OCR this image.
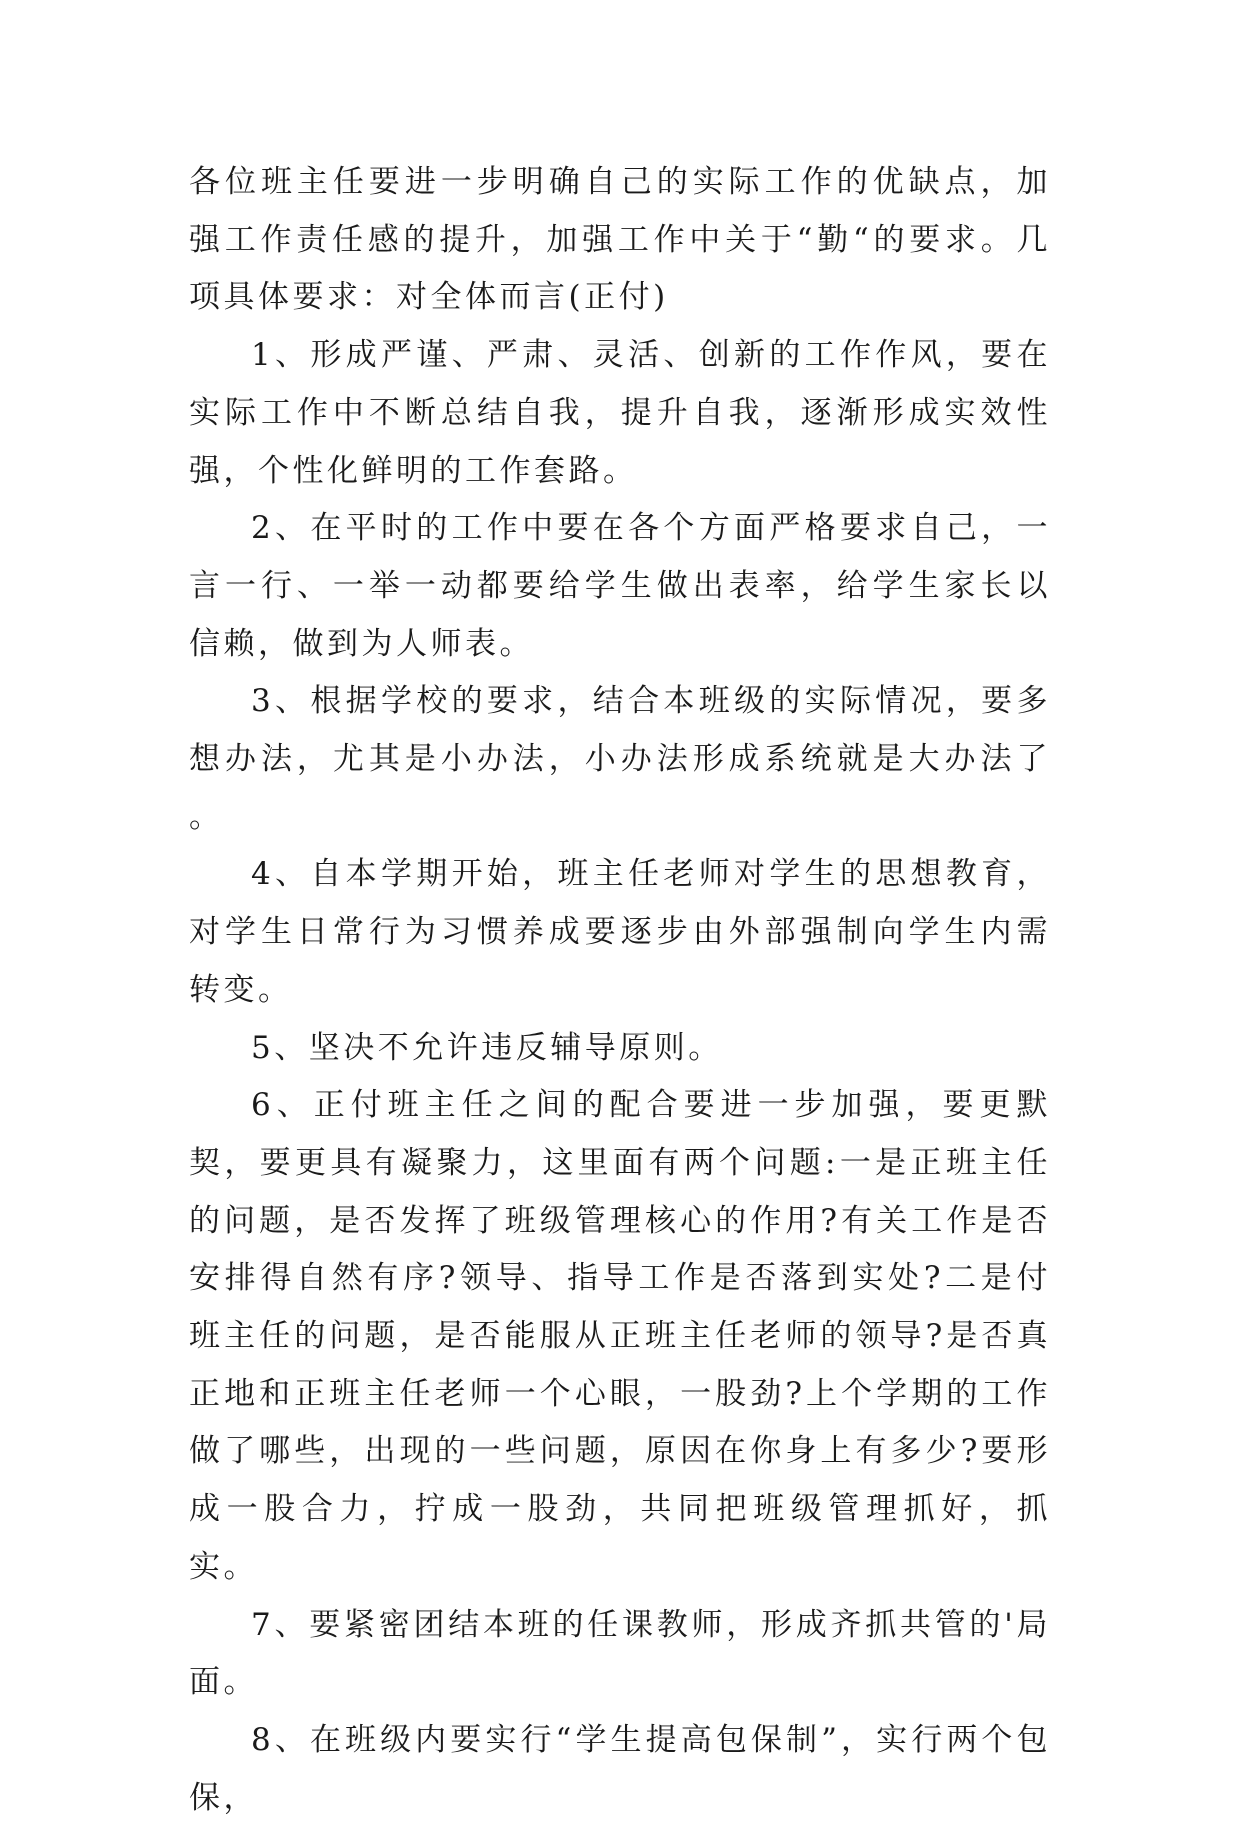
各位班主任要进一步明确自己的实际工作的优缺点，加强工作责任感的提升，加强工作中关于“勤“的要求。几项具体要求：对全体而言(正付)

1、形成严谨、严肃、灵活、创新的工作作风，要在实际工作中不断总结自我，提升自我，逐渐形成实效性强，个性化鲜明的工作套路。

2、在平时的工作中要在各个方面严格要求自己，一言一行、一举一动都要给学生做出表率，给学生家长以信赖，做到为人师表。

3、根据学校的要求，结合本班级的实际情况，要多想办法，尤其是小办法，小办法形成系统就是大办法了 。

4、自本学期开始，班主任老师对学生的思想教育，对学生日常行为习惯养成要逐步由外部强制向学生内需转变。

5、坚决不允许违反辅导原则。

6、正付班主任之间的配合要进一步加强，要更默契，要更具有凝聚力，这里面有两个问题:一是正班主任的问题，是否发挥了班级管理核心的作用?有关工作是否安排得自然有序?领导、指导工作是否落到实处?二是付班主任的问题，是否能服从正班主任老师的领导?是否真正地和正班主任老师一个心眼，一股劲?上个学期的工作做了哪些，出现的一些问题，原因在你身上有多少?要形成一股合力，拧成一股劲，共同把班级管理抓好，抓实。

7、要紧密团结本班的任课教师，形成齐抓共管的'局面。

8、在班级内要实行“学生提高包保制”，实行两个包保，
